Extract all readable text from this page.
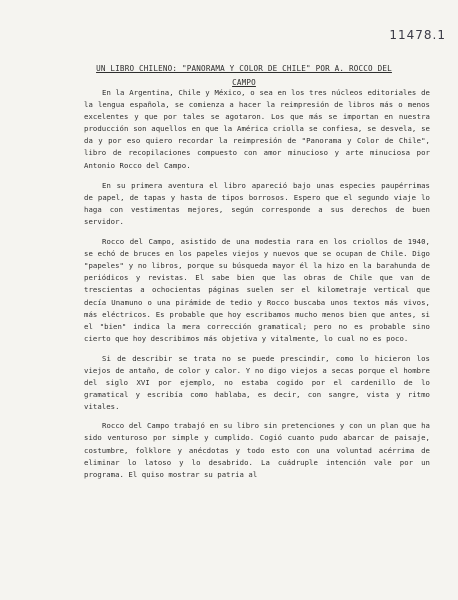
11478.1
UN LIBRO CHILENO: "PANORAMA Y COLOR DE CHILE" POR A. ROCCO DEL CAMPO

En la Argentina, Chile y México, o sea en los tres núcleos editoriales de la lengua española, se comienza a hacer la reimpresión de libros más o menos excelentes y que por tales se agotaron. Los que más se importan en nuestra producción son aquellos en que la América criolla se confiesa, se desvela, se da y por eso quiero recordar la reimpresión de "Panorama y Color de Chile", libro de recopilaciones compuesto con amor minucioso y arte minuciosa por Antonio Rocco del Campo.

En su primera aventura el libro apareció bajo unas especies paupérrimas de papel, de tapas y hasta de tipos borrosos. Espero que el segundo viaje lo haga con vestimentas mejores, según corresponde a sus derechos de buen servidor.

Rocco del Campo, asistido de una modestia rara en los criollos de 1940, se echó de bruces en los papeles viejos y nuevos que se ocupan de Chile. Digo "papeles" y no libros, porque su búsqueda mayor él la hizo en la barahunda de periódicos y revistas. El sabe bien que las obras de Chile que van de trescientas a ochocientas páginas suelen ser el kilometraje vertical que decía Unamuno o una pirámide de tedio y Rocco buscaba unos textos más vivos, más eléctricos. Es probable que hoy escribamos mucho menos bien que antes, si el "bien" indica la mera corrección gramatical; pero no es probable sino cierto que hoy describimos más objetiva y vitalmente, lo cual no es poco.

Si de describir se trata no se puede prescindir, como lo hicieron los viejos de antaño, de color y calor. Y no digo viejos a secas porque el hombre del siglo XVI por ejemplo, no estaba cogido por el cardenillo de lo gramatical y escribía como hablaba, es decir, con sangre, vista y ritmo vitales.

Rocco del Campo trabajó en su libro sin pretenciones y con un plan que ha sido venturoso por simple y cumplido. Cogió cuanto pudo abarcar de paisaje, costumbre, folklore y anécdotas y todo esto con una voluntad acérrima de eliminar lo latoso y lo desabrido. La cuádruple intención vale por un programa. El quiso mostrar su patria al
